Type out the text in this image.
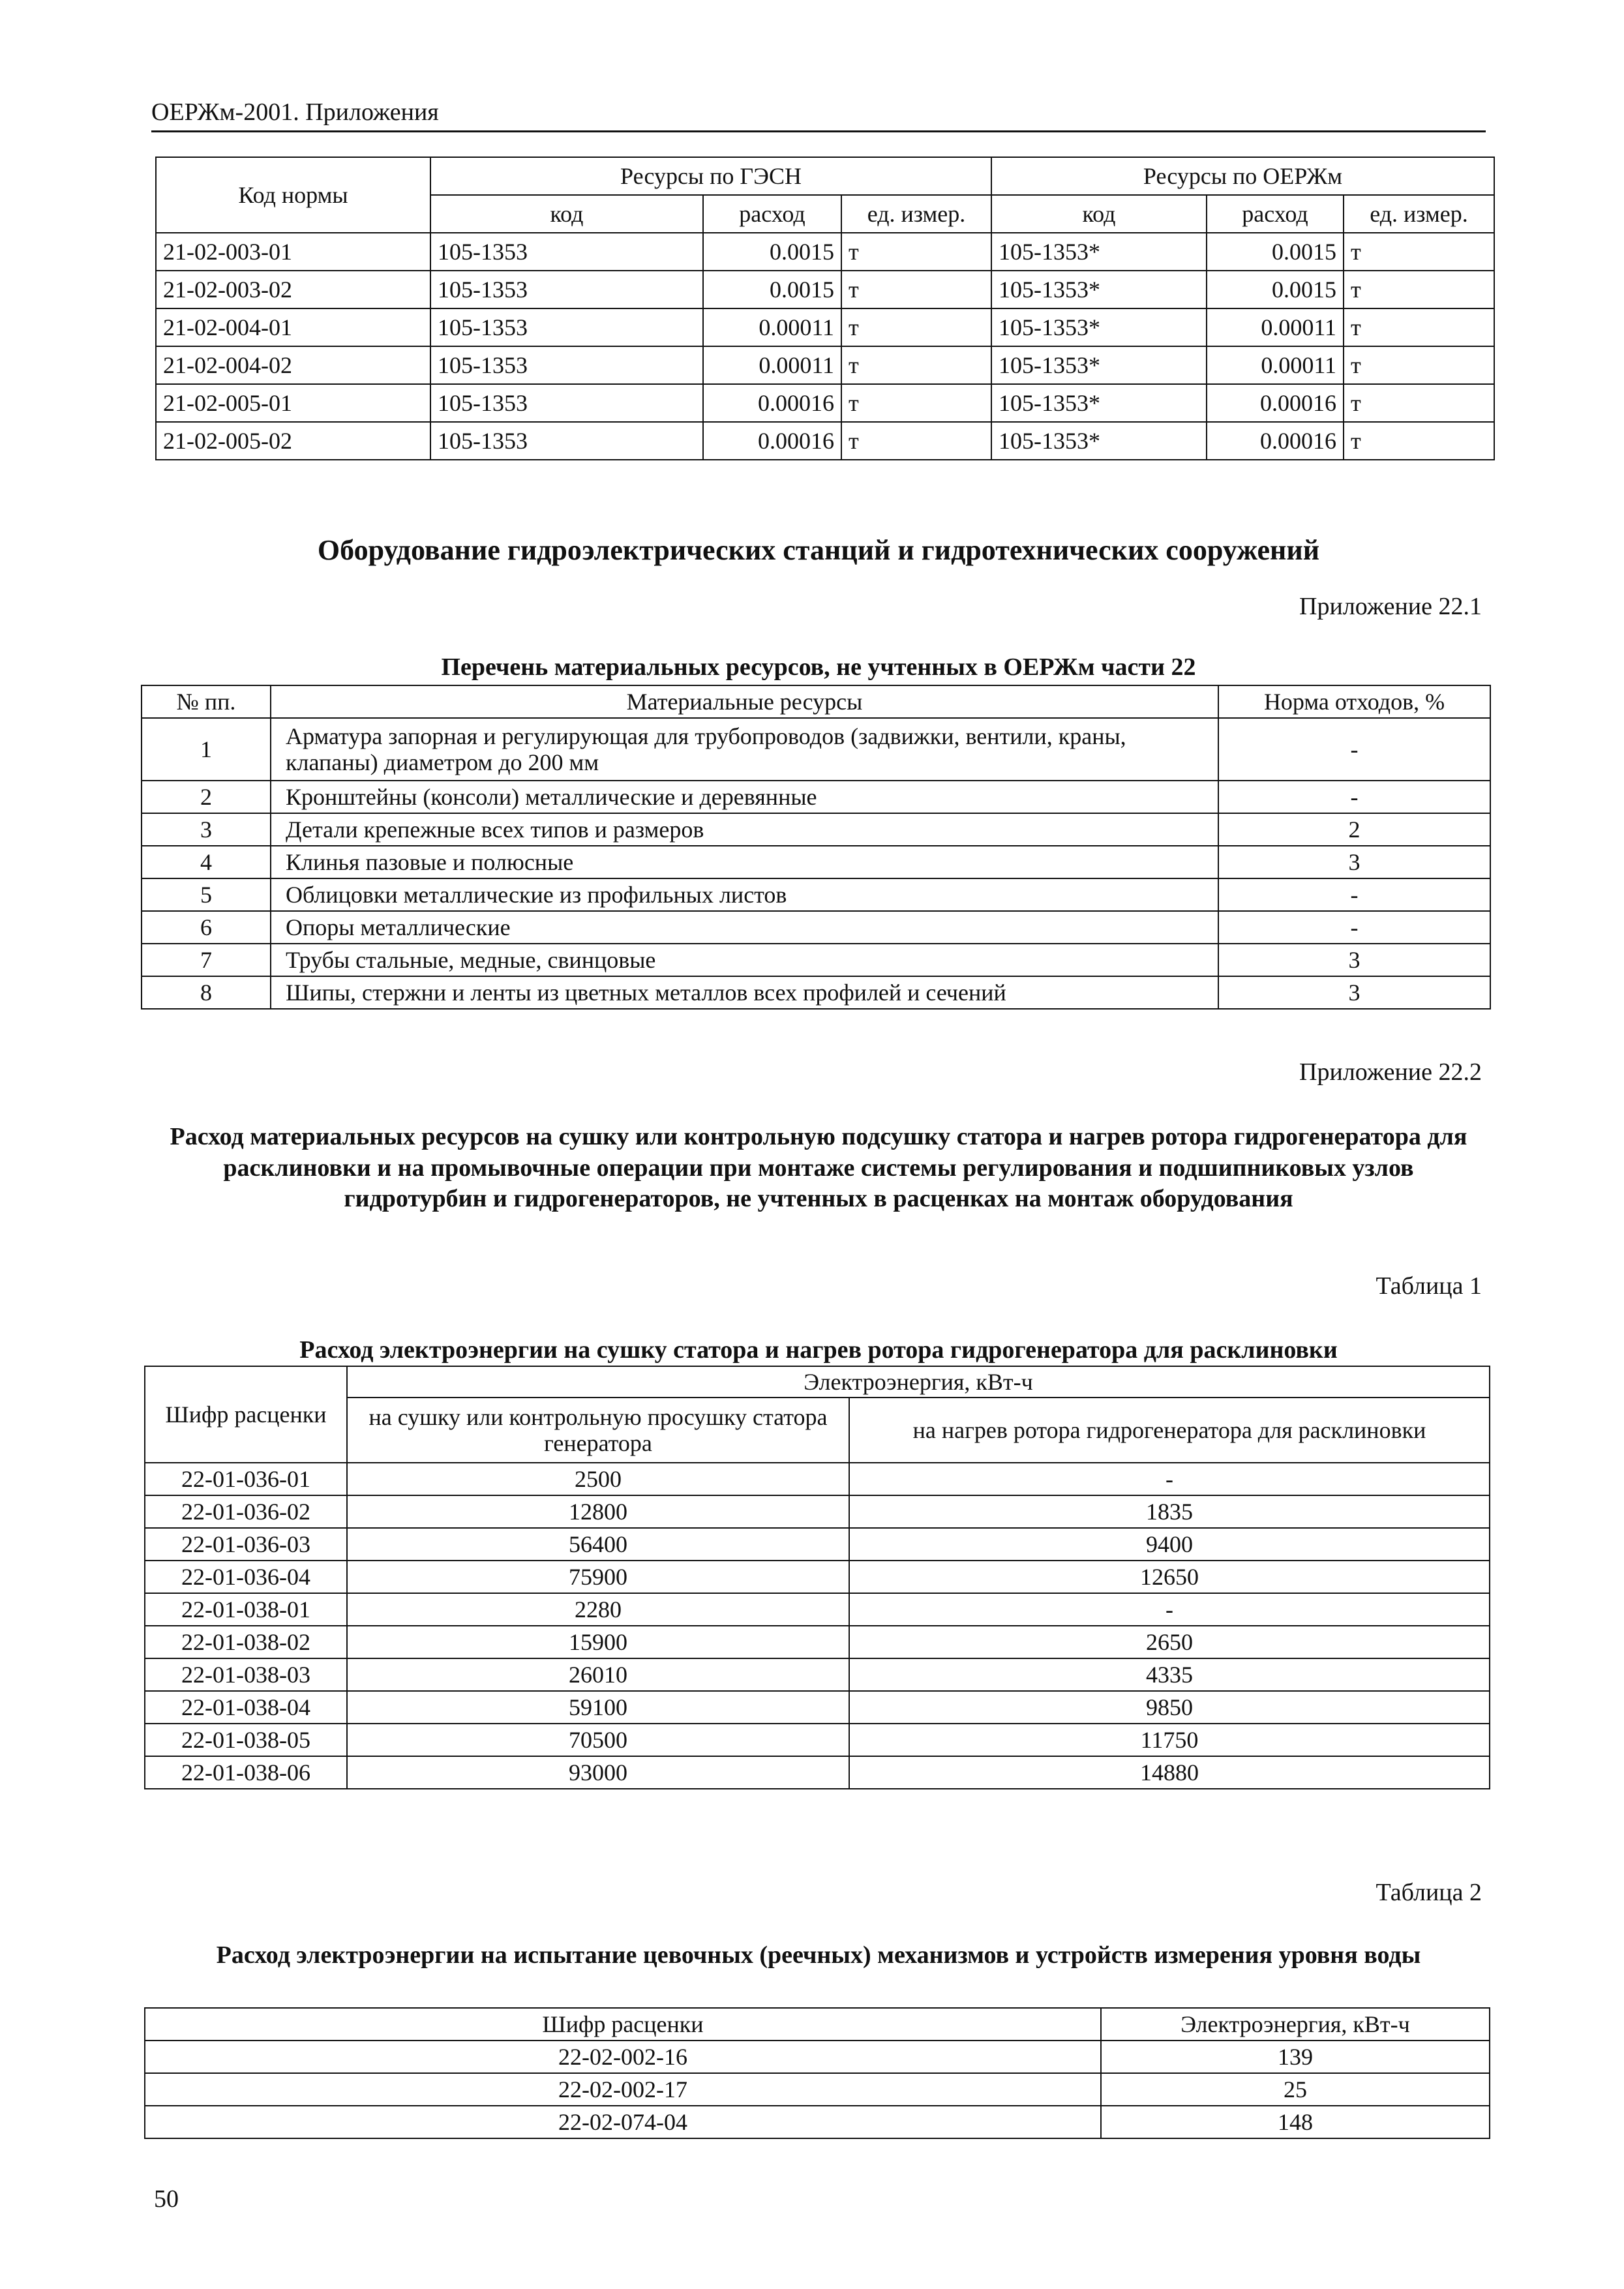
ОЕРЖм-2001. Приложения
Код нормы	Ресурсы по ГЭСН			Ресурсы по ОЕРЖм		
	код	расход	ед. измер.	код	расход	ед. измер.
21-02-003-01	105-1353	0.0015	т	105-1353*	0.0015	т
21-02-003-02	105-1353	0.0015	т	105-1353*	0.0015	т
21-02-004-01	105-1353	0.00011	т	105-1353*	0.00011	т
21-02-004-02	105-1353	0.00011	т	105-1353*	0.00011	т
21-02-005-01	105-1353	0.00016	т	105-1353*	0.00016	т
21-02-005-02	105-1353	0.00016	т	105-1353*	0.00016	т
Оборудование гидроэлектрических станций и гидротехнических сооружений
Приложение 22.1
Перечень материальных ресурсов, не учтенных в ОЕРЖм части 22
№ пп.	Материальные ресурсы	Норма отходов, %
1	Арматура запорная и регулирующая для трубопроводов (задвижки, вентили, краны, клапаны) диаметром до 200 мм	-
2	Кронштейны (консоли) металлические и деревянные	-
3	Детали крепежные всех типов и размеров	2
4	Клинья пазовые и полюсные	3
5	Облицовки металлические из профильных листов	-
6	Опоры металлические	-
7	Трубы стальные, медные, свинцовые	3
8	Шипы, стержни и ленты из цветных металлов всех профилей и сечений	3
Приложение 22.2
Расход материальных ресурсов на сушку или контрольную подсушку статора и нагрев ротора гидрогенератора для расклиновки и на промывочные операции при монтаже системы регулирования и подшипниковых узлов гидротурбин и гидрогенераторов, не учтенных в расценках на монтаж оборудования
Таблица 1
Расход электроэнергии на сушку статора и нагрев ротора гидрогенератора для расклиновки
Шифр расценки	Электроэнергия, кВт-ч	
	на сушку или контрольную просушку статора генератора	на нагрев ротора гидрогенератора для расклиновки
22-01-036-01	2500	-
22-01-036-02	12800	1835
22-01-036-03	56400	9400
22-01-036-04	75900	12650
22-01-038-01	2280	-
22-01-038-02	15900	2650
22-01-038-03	26010	4335
22-01-038-04	59100	9850
22-01-038-05	70500	11750
22-01-038-06	93000	14880
Таблица 2
Расход электроэнергии на испытание цевочных (реечных) механизмов и устройств измерения уровня воды
Шифр расценки	Электроэнергия, кВт-ч
22-02-002-16	139
22-02-002-17	25
22-02-074-04	148
50
